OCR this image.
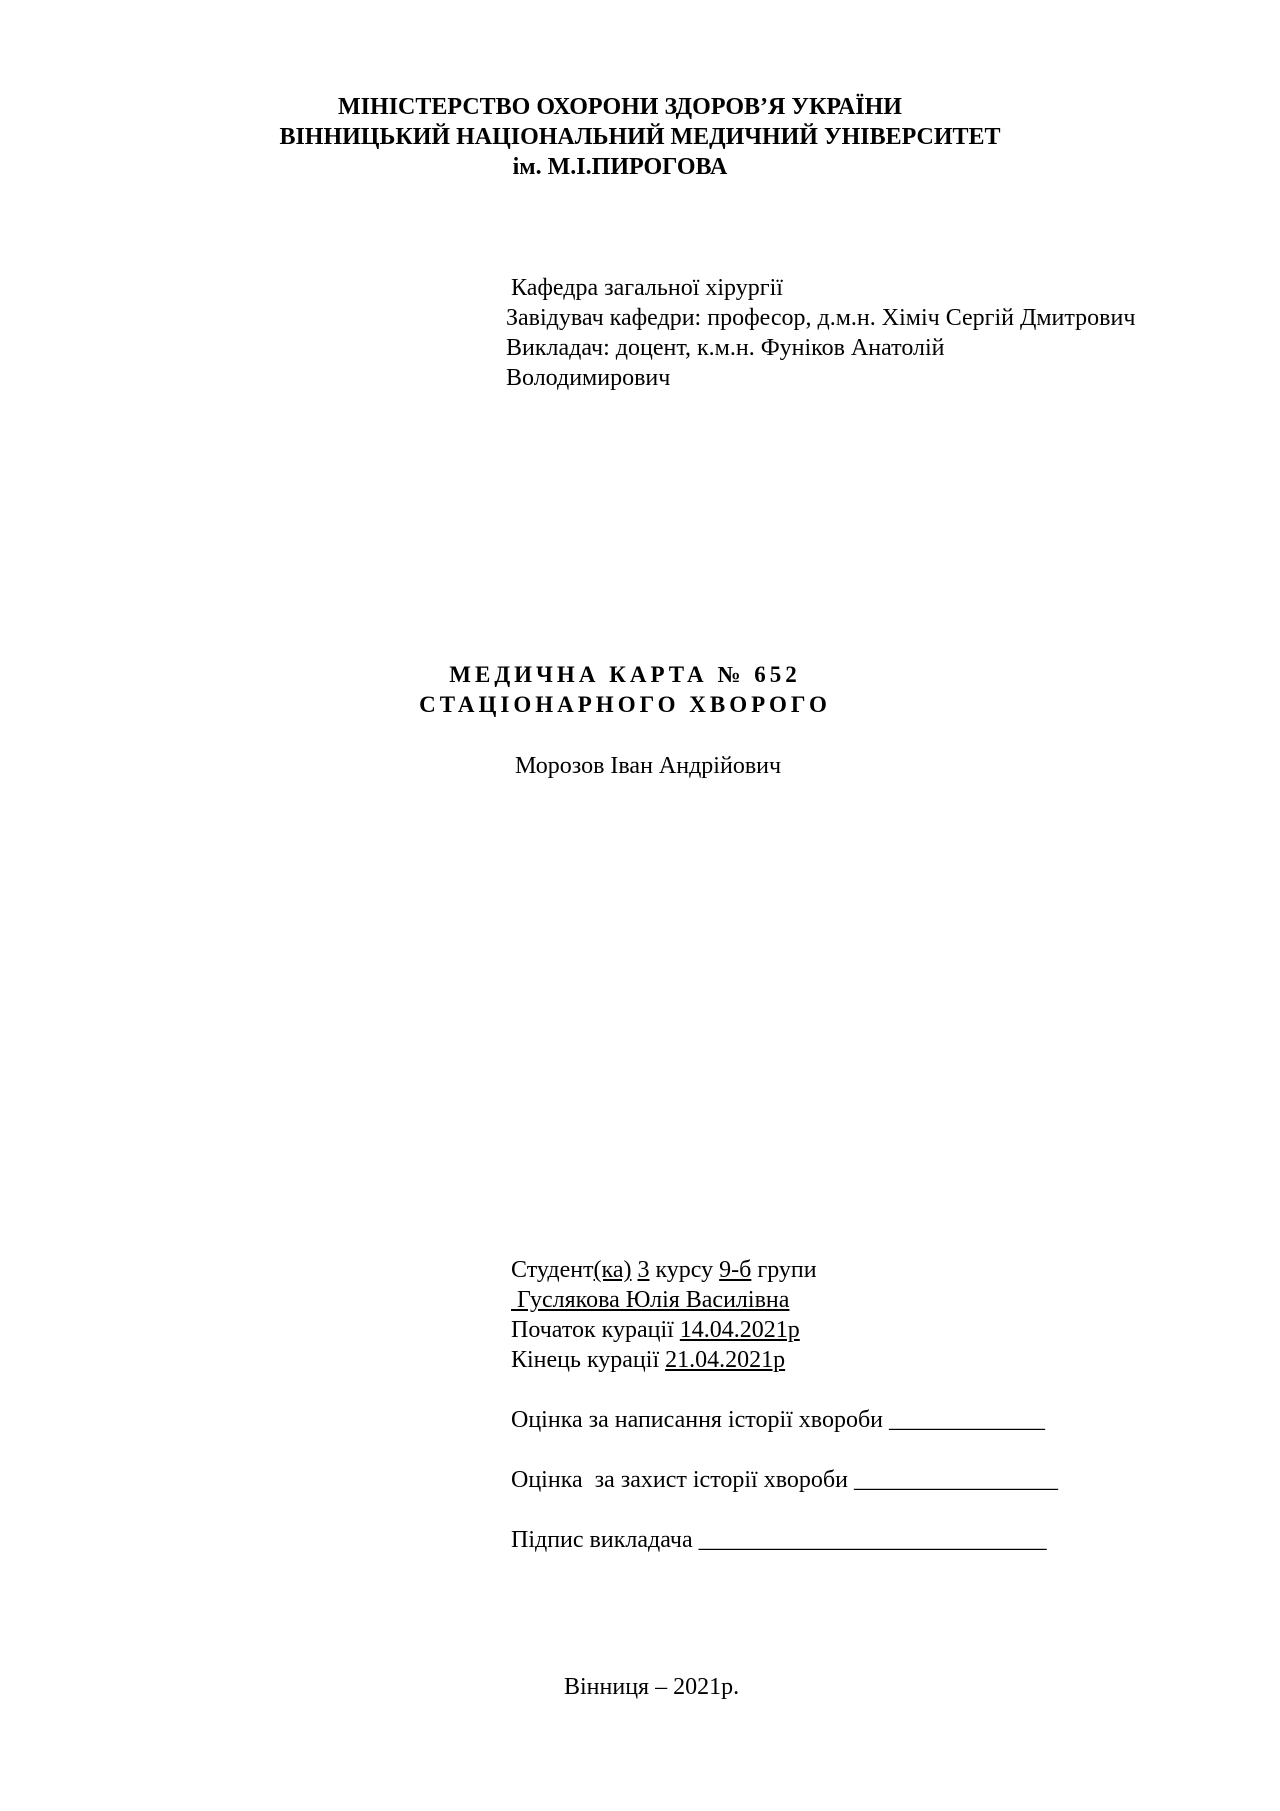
МІНІСТЕРСТВО ОХОРОНИ ЗДОРОВ’Я УКРАЇНИ
ВІННИЦЬКИЙ НАЦІОНАЛЬНИЙ МЕДИЧНИЙ УНІВЕРСИТЕТ
ім. М.І.ПИРОГОВА
Кафедра загальної хірургії
Завідувач кафедри: професор, д.м.н. Хіміч Сергій Дмитрович
Викладач: доцент, к.м.н. Фуніков Анатолій
Володимирович
МЕДИЧНА КАРТА № 652
СТАЦІОНАРНОГО ХВОРОГО
Морозов Іван Андрійович
Студент(ка) 3 курсу 9-б групи
Гуслякова Юлія Василівна
Початок курації 14.04.2021р
Кінець курації 21.04.2021р
Оцінка за написання історії хвороби _____________
Оцінка  за захист історії хвороби _________________
Підпис викладача _____________________________
Вінниця – 2021р.
